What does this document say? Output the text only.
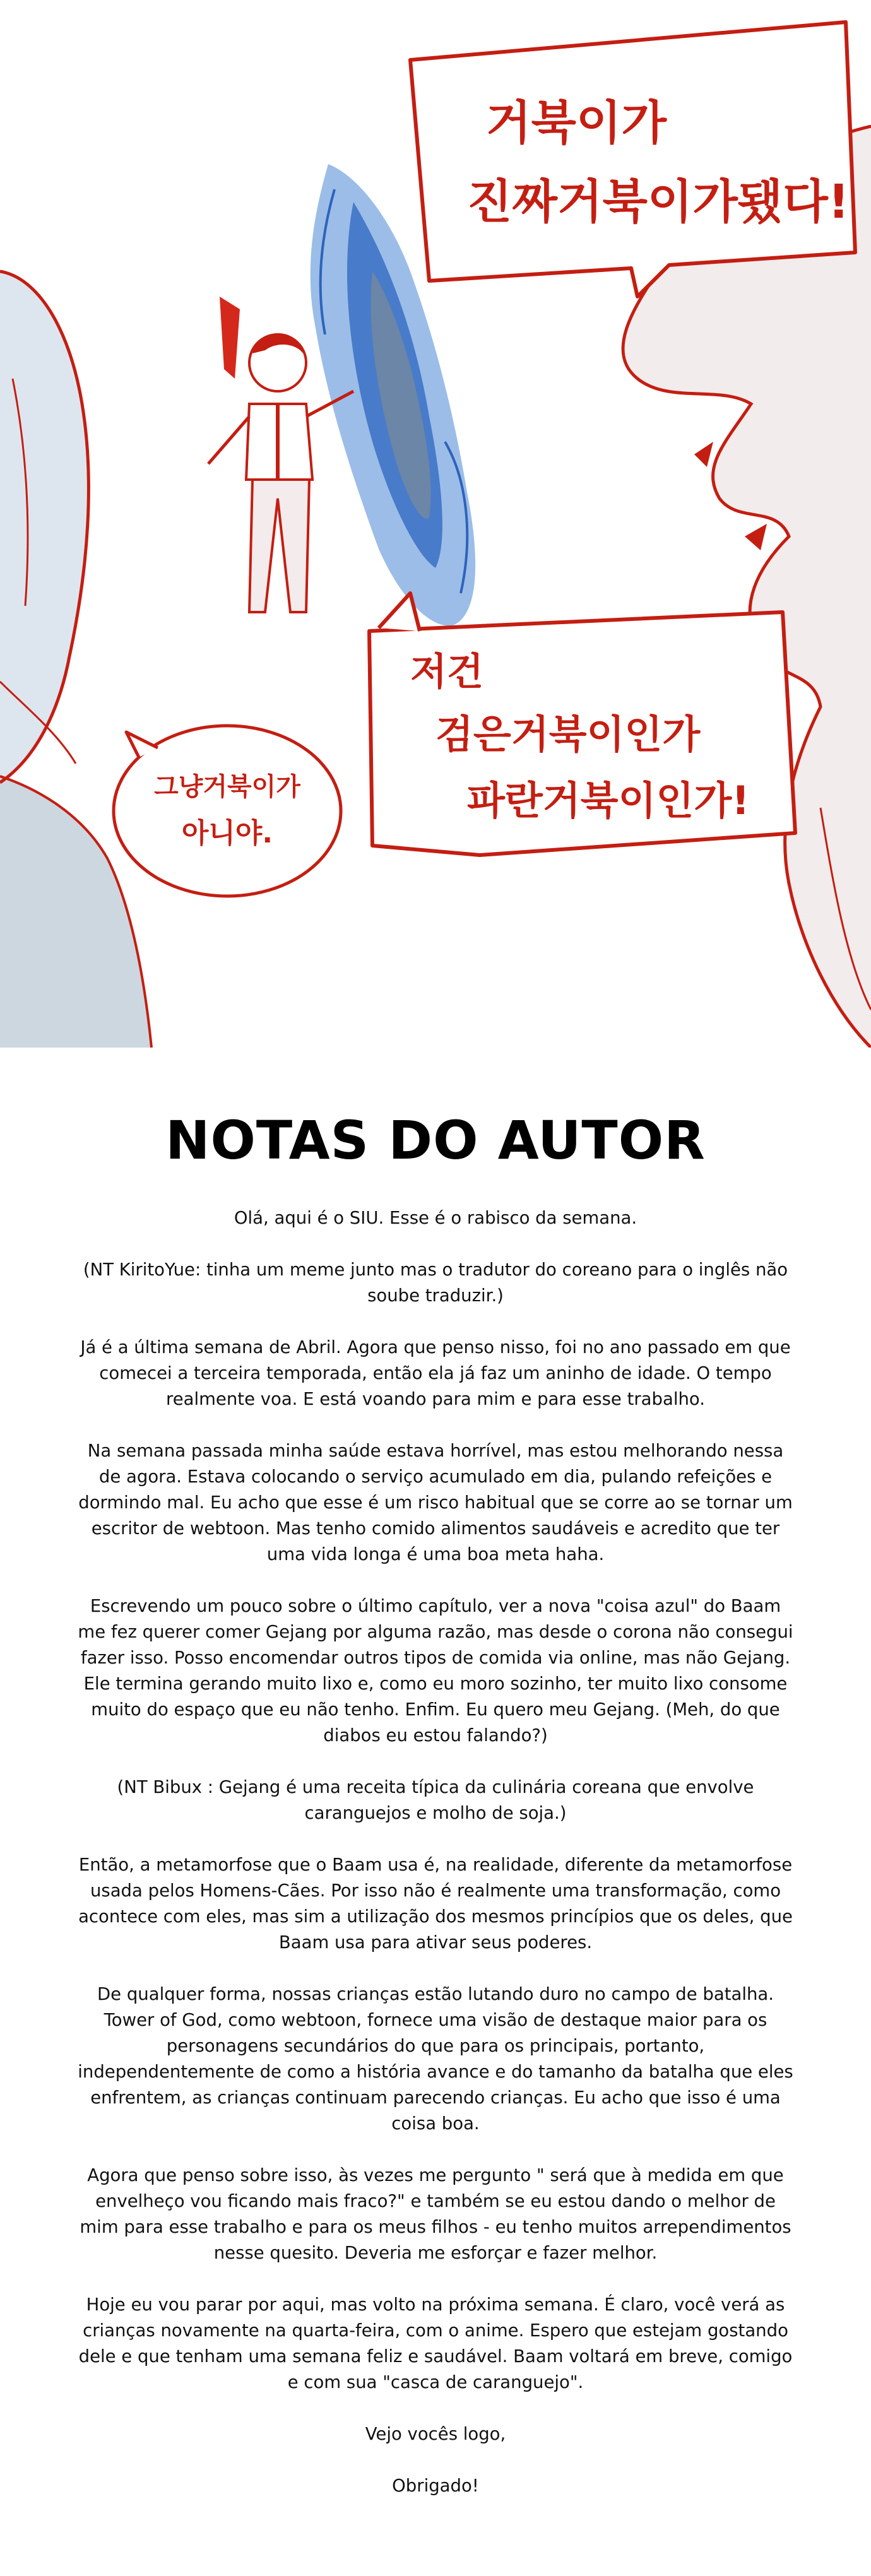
거북이가
진짜거북이가됐다!
저건
검은거북이인가
파란거북이인가!
그냥거북이가
아니야.
NOTAS DO AUTOR

Olá, aqui é o SIU. Esse é o rabisco da semana.

(NT KiritoYue: tinha um meme junto mas o tradutor do coreano para o inglês não soube traduzir.)

Já é a última semana de Abril. Agora que penso nisso, foi no ano passado em que comecei a terceira temporada, então ela já faz um aninho de idade. O tempo realmente voa. E está voando para mim e para esse trabalho.

Na semana passada minha saúde estava horrível, mas estou melhorando nessa de agora. Estava colocando o serviço acumulado em dia, pulando refeições e dormindo mal. Eu acho que esse é um risco habitual que se corre ao se tornar um escritor de webtoon. Mas tenho comido alimentos saudáveis e acredito que ter uma vida longa é uma boa meta haha.

Escrevendo um pouco sobre o último capítulo, ver a nova "coisa azul" do Baam me fez querer comer Gejang por alguma razão, mas desde o corona não consegui fazer isso. Posso encomendar outros tipos de comida via online, mas não Gejang. Ele termina gerando muito lixo e, como eu moro sozinho, ter muito lixo consome muito do espaço que eu não tenho. Enfim. Eu quero meu Gejang. (Meh, do que diabos eu estou falando?)

(NT Bibux : Gejang é uma receita típica da culinária coreana que envolve caranguejos e molho de soja.)

Então, a metamorfose que o Baam usa é, na realidade, diferente da metamorfose usada pelos Homens-Cães. Por isso não é realmente uma transformação, como acontece com eles, mas sim a utilização dos mesmos princípios que os deles, que Baam usa para ativar seus poderes.

De qualquer forma, nossas crianças estão lutando duro no campo de batalha. Tower of God, como webtoon, fornece uma visão de destaque maior para os personagens secundários do que para os principais, portanto, independentemente de como a história avance e do tamanho da batalha que eles enfrentem, as crianças continuam parecendo crianças. Eu acho que isso é uma coisa boa.

Agora que penso sobre isso, às vezes me pergunto " será que à medida em que envelheço vou ficando mais fraco?" e também se eu estou dando o melhor de mim para esse trabalho e para os meus filhos - eu tenho muitos arrependimentos nesse quesito. Deveria me esforçar e fazer melhor.

Hoje eu vou parar por aqui, mas volto na próxima semana. É claro, você verá as crianças novamente na quarta-feira, com o anime. Espero que estejam gostando dele e que tenham uma semana feliz e saudável. Baam voltará em breve, comigo e com sua "casca de caranguejo".

Vejo vocês logo,

Obrigado!
